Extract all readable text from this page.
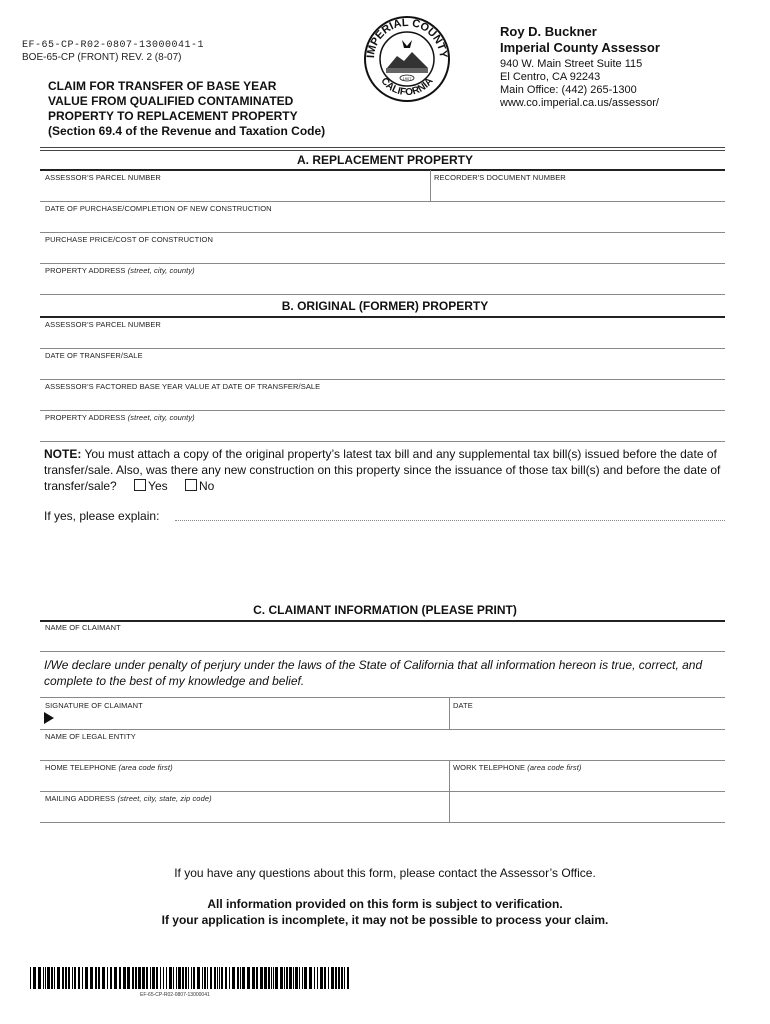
EF-65-CP-R02-0807-13000041-1
BOE-65-CP (FRONT) REV. 2 (8-07)
CLAIM FOR TRANSFER OF BASE YEAR
VALUE FROM QUALIFIED CONTAMINATED
PROPERTY TO REPLACEMENT PROPERTY
(Section 69.4 of the Revenue and Taxation Code)
IMPERIAL COUNTY
CALIFORNIA
1907
Roy D. Buckner
Imperial County Assessor
940 W. Main Street Suite 115
El Centro, CA 92243
Main Office: (442) 265-1300
www.co.imperial.ca.us/assessor/
A. REPLACEMENT PROPERTY
ASSESSOR'S PARCEL NUMBER	RECORDER'S DOCUMENT NUMBER
DATE OF PURCHASE/COMPLETION OF NEW CONSTRUCTION
PURCHASE PRICE/COST OF CONSTRUCTION
PROPERTY ADDRESS (street, city, county)
B. ORIGINAL (FORMER) PROPERTY
ASSESSOR'S PARCEL NUMBER
DATE OF TRANSFER/SALE
ASSESSOR'S FACTORED BASE YEAR VALUE AT DATE OF TRANSFER/SALE
PROPERTY ADDRESS (street, city, county)
NOTE: You must attach a copy of the original property’s latest tax bill and any supplemental tax bill(s) issued before the date of transfer/sale. Also, was there any new construction on this property since the issuance of those tax bill(s) and before the date of transfer/sale?	Yes	No
If yes, please explain:
C. CLAIMANT INFORMATION (PLEASE PRINT)
NAME OF CLAIMANT
I/We declare under penalty of perjury under the laws of the State of California that all information hereon is true, correct, and complete to the best of my knowledge and belief.
SIGNATURE OF CLAIMANT	DATE
NAME OF LEGAL ENTITY
HOME TELEPHONE (area code first)	WORK TELEPHONE (area code first)
MAILING ADDRESS (street, city, state, zip code)
If you have any questions about this form, please contact the Assessor’s Office.
All information provided on this form is subject to verification.
If your application is incomplete, it may not be possible to process your claim.
EF-65-CP-R02-0807-13000041
